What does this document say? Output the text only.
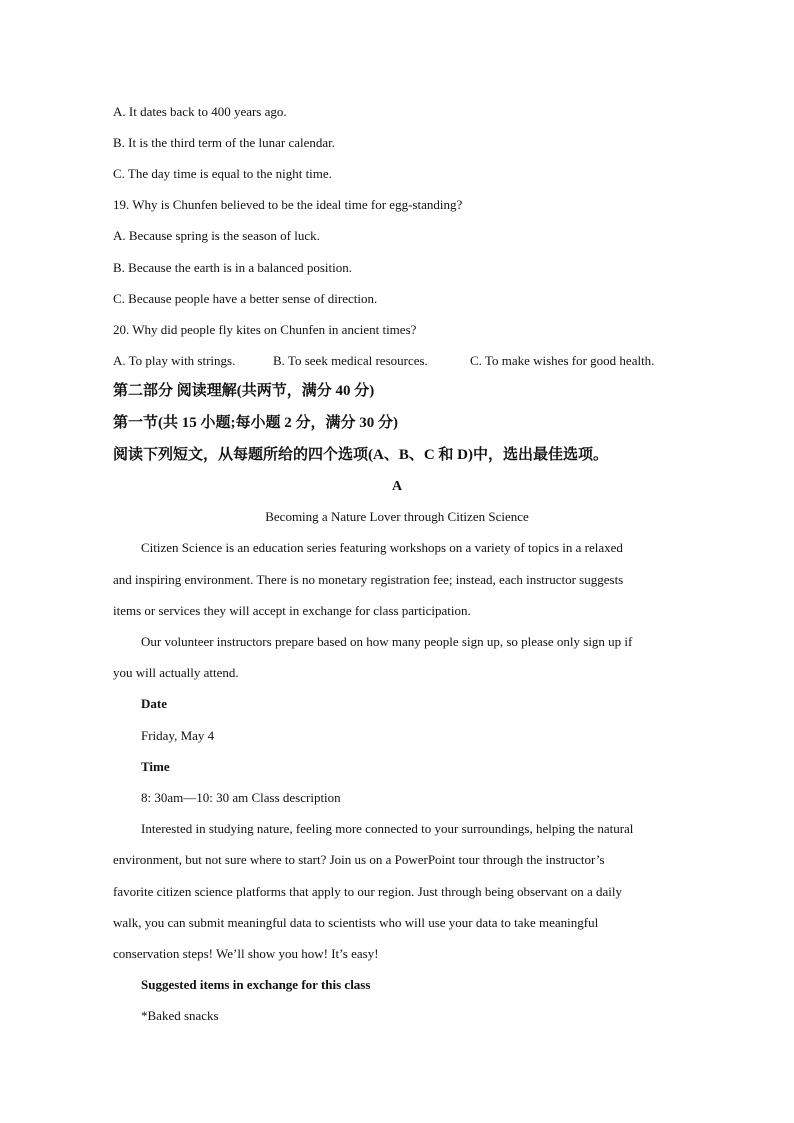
A. It dates back to 400 years ago.
B. It is the third term of the lunar calendar.
C. The day time is equal to the night time.
19. Why is Chunfen believed to be the ideal time for egg-standing?
A. Because spring is the season of luck.
B. Because the earth is in a balanced position.
C. Because people have a better sense of direction.
20. Why did people fly kites on Chunfen in ancient times?
A. To play with strings.	B. To seek medical resources.	C. To make wishes for good health.
第二部分 阅读理解(共两节，满分 40 分)
第一节(共 15 小题;每小题 2 分，满分 30 分)
阅读下列短文，从每题所给的四个选项(A、B、C 和 D)中，选出最佳选项。
A
Becoming a Nature Lover through Citizen Science
Citizen Science is an education series featuring workshops on a variety of topics in a relaxed
and inspiring environment. There is no monetary registration fee; instead, each instructor suggests
items or services they will accept in exchange for class participation.
Our volunteer instructors prepare based on how many people sign up, so please only sign up if
you will actually attend.
Date
Friday, May 4
Time
8: 30am—10: 30 am Class description
Interested in studying nature, feeling more connected to your surroundings, helping the natural
environment, but not sure where to start? Join us on a PowerPoint tour through the instructor’s
favorite citizen science platforms that apply to our region. Just through being observant on a daily
walk, you can submit meaningful data to scientists who will use your data to take meaningful
conservation steps! We’ll show you how! It’s easy!
Suggested items in exchange for this class
*Baked snacks
